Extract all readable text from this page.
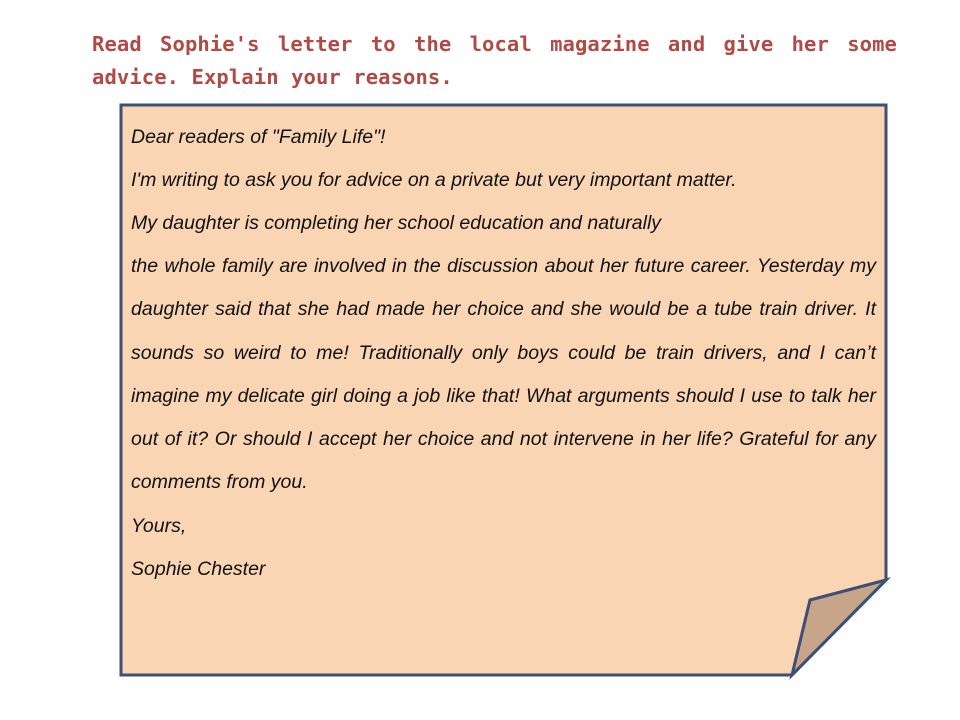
Read Sophie's letter to the local magazine and give her some advice. Explain your reasons.

Dear readers of "Family Life"!
I'm writing to ask you for advice on a private but very important matter.
My daughter is completing her school education and naturally

the whole family are involved in the discussion about her future career. Yesterday my daughter said that she had made her choice and she would be a tube train driver. It sounds so weird to me! Traditionally only boys could be train drivers, and I can’t imagine my delicate girl doing a job like that! What arguments should I use to talk her out of it? Or should I accept her choice and not intervene in her life? Grateful for any comments from you.

Yours,
Sophie Chester
